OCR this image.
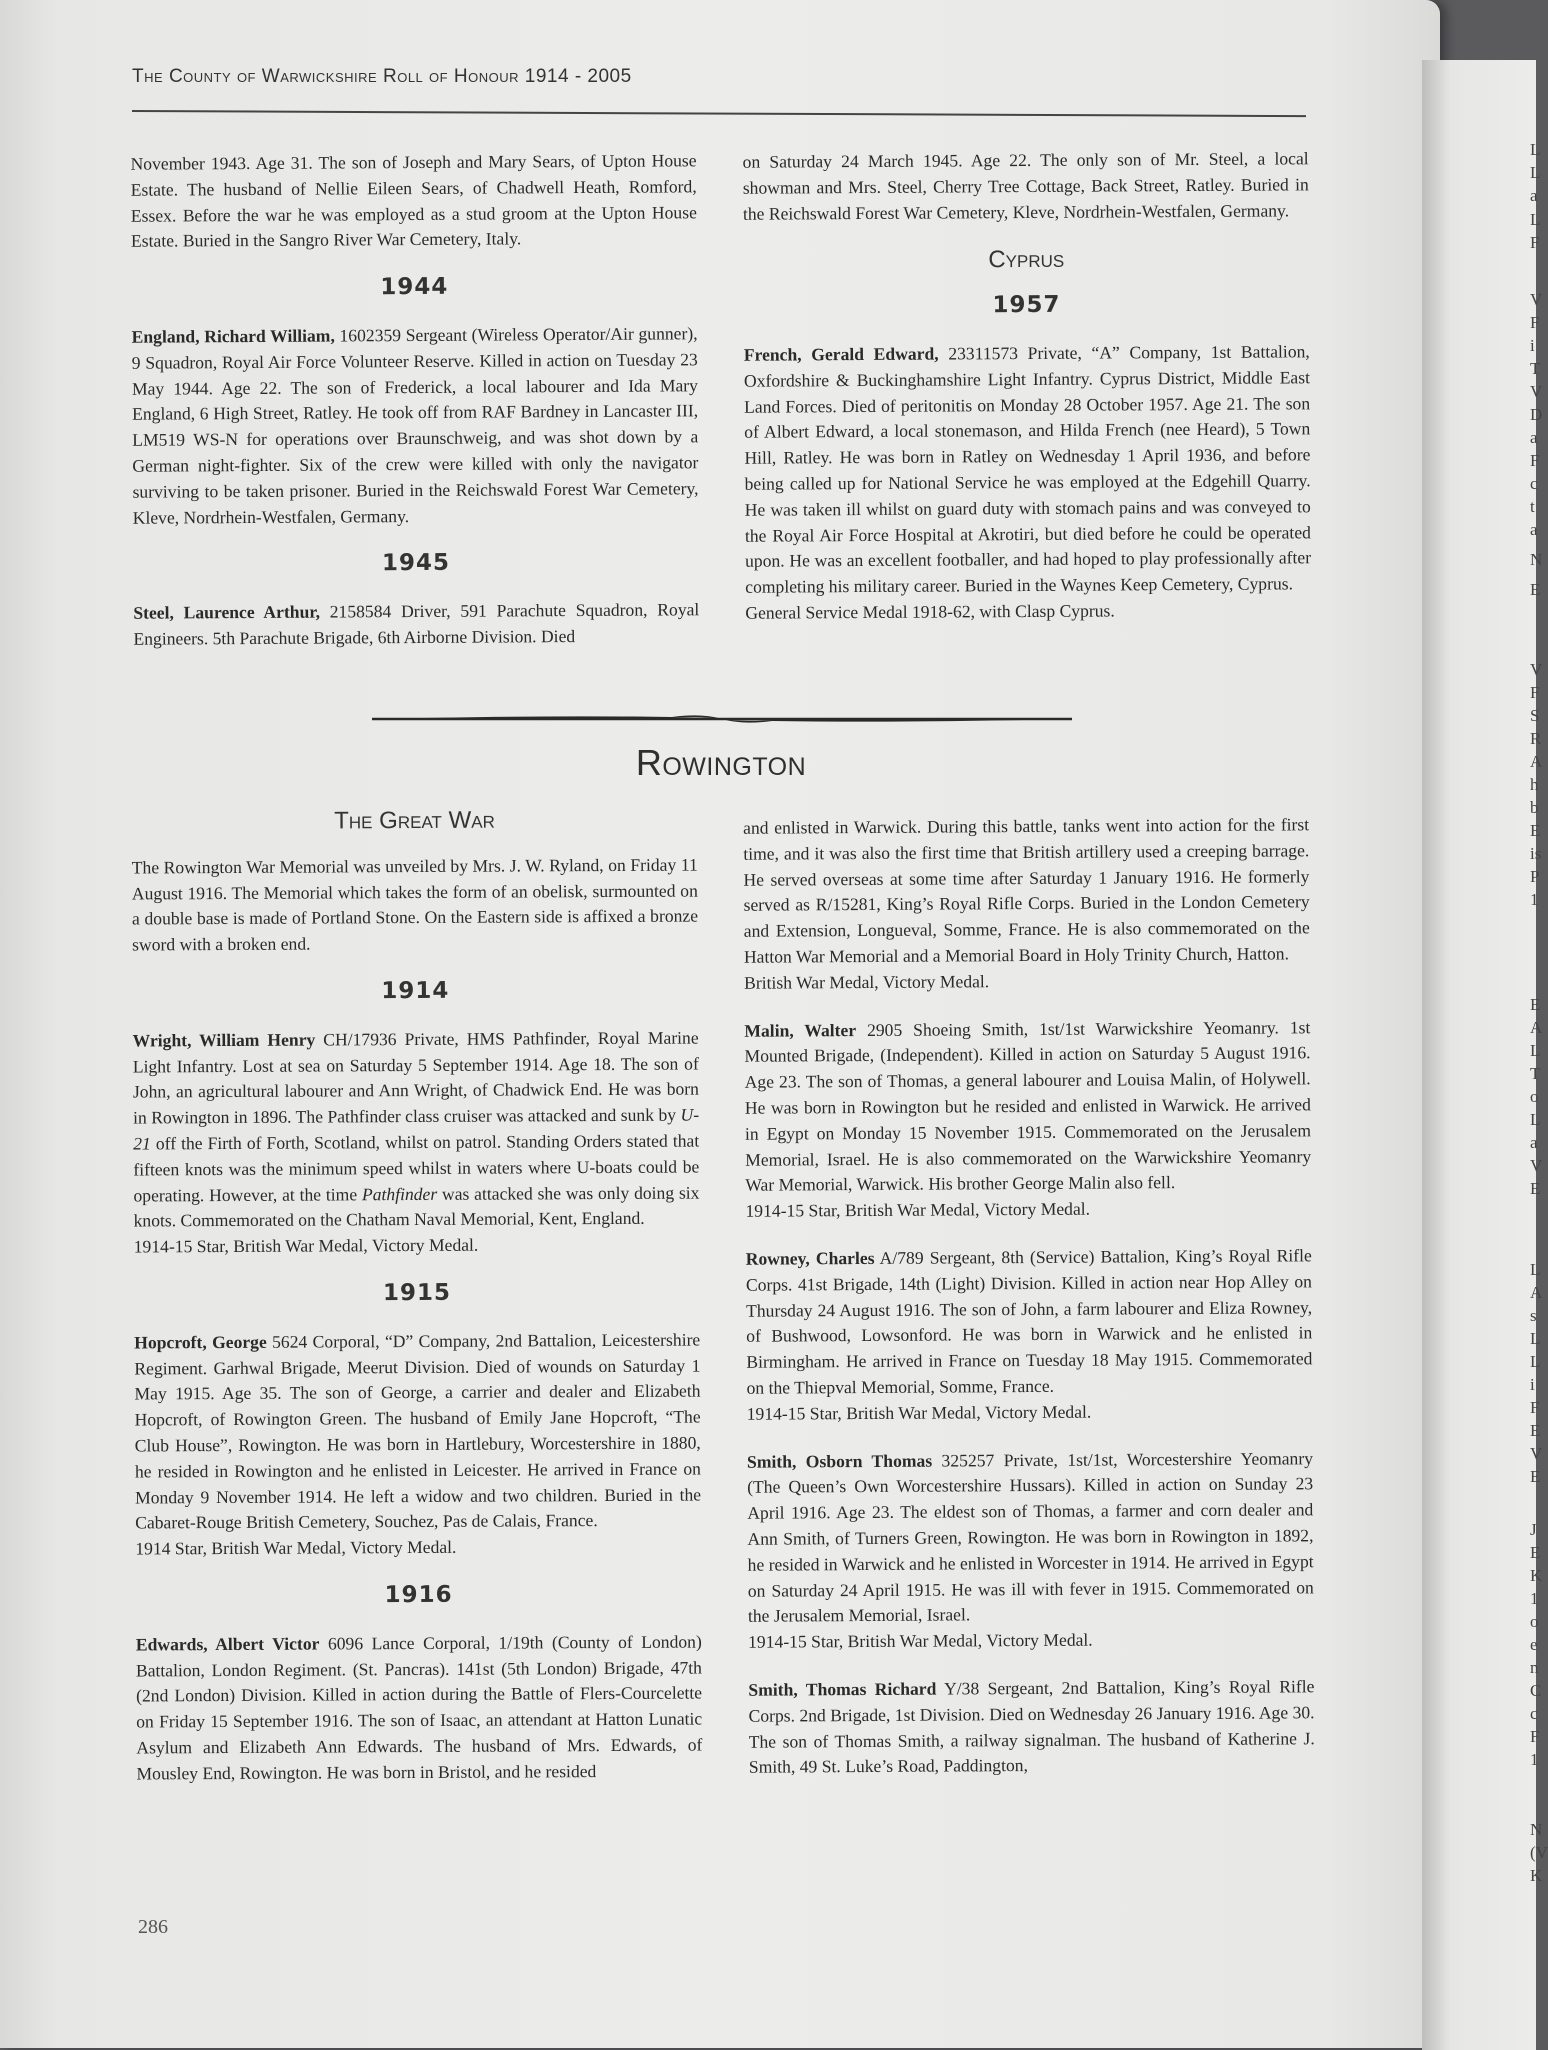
The County of Warwickshire Roll of Honour 1914 - 2005

November 1943. Age 31. The son of Joseph and Mary Sears, of Upton House Estate. The husband of Nellie Eileen Sears, of Chadwell Heath, Romford, Essex. Before the war he was employed as a stud groom at the Upton House Estate. Buried in the Sangro River War Cemetery, Italy.

1944

England, Richard William, 1602359 Sergeant (Wireless Operator/Air gunner), 9 Squadron, Royal Air Force Volunteer Reserve. Killed in action on Tuesday 23 May 1944. Age 22. The son of Frederick, a local labourer and Ida Mary England, 6 High Street, Ratley. He took off from RAF Bardney in Lancaster III, LM519 WS-N for operations over Braunschweig, and was shot down by a German night-fighter. Six of the crew were killed with only the navigator surviving to be taken prisoner. Buried in the Reichswald Forest War Cemetery, Kleve, Nordrhein-Westfalen, Germany.

1945

Steel, Laurence Arthur, 2158584 Driver, 591 Parachute Squadron, Royal Engineers. 5th Parachute Brigade, 6th Airborne Division. Died

on Saturday 24 March 1945. Age 22. The only son of Mr. Steel, a local showman and Mrs. Steel, Cherry Tree Cottage, Back Street, Ratley. Buried in the Reichswald Forest War Cemetery, Kleve, Nordrhein-Westfalen, Germany.

Cyprus
1957

French, Gerald Edward, 23311573 Private, “A” Company, 1st Battalion, Oxfordshire & Buckinghamshire Light Infantry. Cyprus District, Middle East Land Forces. Died of peritonitis on Monday 28 October 1957. Age 21. The son of Albert Edward, a local stonemason, and Hilda French (nee Heard), 5 Town Hill, Ratley. He was born in Ratley on Wednesday 1 April 1936, and before being called up for National Service he was employed at the Edgehill Quarry. He was taken ill whilst on guard duty with stomach pains and was conveyed to the Royal Air Force Hospital at Akrotiri, but died before he could be operated upon. He was an excellent footballer, and had hoped to play professionally after completing his military career. Buried in the Waynes Keep Cemetery, Cyprus.

General Service Medal 1918-62, with Clasp Cyprus.

Rowington
The Great War

The Rowington War Memorial was unveiled by Mrs. J. W. Ryland, on Friday 11 August 1916. The Memorial which takes the form of an obelisk, surmounted on a double base is made of Portland Stone. On the Eastern side is affixed a bronze sword with a broken end.

1914

Wright, William Henry CH/17936 Private, HMS Pathfinder, Royal Marine Light Infantry. Lost at sea on Saturday 5 September 1914. Age 18. The son of John, an agricultural labourer and Ann Wright, of Chadwick End. He was born in Rowington in 1896. The Pathfinder class cruiser was attacked and sunk by U-21 off the Firth of Forth, Scotland, whilst on patrol. Standing Orders stated that fifteen knots was the minimum speed whilst in waters where U-boats could be operating. However, at the time Pathfinder was attacked she was only doing six knots. Commemorated on the Chatham Naval Memorial, Kent, England.

1914-15 Star, British War Medal, Victory Medal.

1915

Hopcroft, George 5624 Corporal, “D” Company, 2nd Battalion, Leicestershire Regiment. Garhwal Brigade, Meerut Division. Died of wounds on Saturday 1 May 1915. Age 35. The son of George, a carrier and dealer and Elizabeth Hopcroft, of Rowington Green. The husband of Emily Jane Hopcroft, “The Club House”, Rowington. He was born in Hartlebury, Worcestershire in 1880, he resided in Rowington and he enlisted in Leicester. He arrived in France on Monday 9 November 1914. He left a widow and two children. Buried in the Cabaret-Rouge British Cemetery, Souchez, Pas de Calais, France.

1914 Star, British War Medal, Victory Medal.

1916

Edwards, Albert Victor 6096 Lance Corporal, 1/19th (County of London) Battalion, London Regiment. (St. Pancras). 141st (5th London) Brigade, 47th (2nd London) Division. Killed in action during the Battle of Flers-Courcelette on Friday 15 September 1916. The son of Isaac, an attendant at Hatton Lunatic Asylum and Elizabeth Ann Edwards. The husband of Mrs. Edwards, of Mousley End, Rowington. He was born in Bristol, and he resided

and enlisted in Warwick. During this battle, tanks went into action for the first time, and it was also the first time that British artillery used a creeping barrage. He served overseas at some time after Saturday 1 January 1916. He formerly served as R/15281, King’s Royal Rifle Corps. Buried in the London Cemetery and Extension, Longueval, Somme, France. He is also commemorated on the Hatton War Memorial and a Memorial Board in Holy Trinity Church, Hatton.

British War Medal, Victory Medal.

Malin, Walter 2905 Shoeing Smith, 1st/1st Warwickshire Yeomanry. 1st Mounted Brigade, (Independent). Killed in action on Saturday 5 August 1916. Age 23. The son of Thomas, a general labourer and Louisa Malin, of Holywell. He was born in Rowington but he resided and enlisted in Warwick. He arrived in Egypt on Monday 15 November 1915. Commemorated on the Jerusalem Memorial, Israel. He is also commemorated on the Warwickshire Yeomanry War Memorial, Warwick. His brother George Malin also fell.

1914-15 Star, British War Medal, Victory Medal.

Rowney, Charles A/789 Sergeant, 8th (Service) Battalion, King’s Royal Rifle Corps. 41st Brigade, 14th (Light) Division. Killed in action near Hop Alley on Thursday 24 August 1916. The son of John, a farm labourer and Eliza Rowney, of Bushwood, Lowsonford. He was born in Warwick and he enlisted in Birmingham. He arrived in France on Tuesday 18 May 1915. Commemorated on the Thiepval Memorial, Somme, France.

1914-15 Star, British War Medal, Victory Medal.

Smith, Osborn Thomas 325257 Private, 1st/1st, Worcestershire Yeomanry (The Queen’s Own Worcestershire Hussars). Killed in action on Sunday 23 April 1916. Age 23. The eldest son of Thomas, a farmer and corn dealer and Ann Smith, of Turners Green, Rowington. He was born in Rowington in 1892, he resided in Warwick and he enlisted in Worcester in 1914. He arrived in Egypt on Saturday 24 April 1915. He was ill with fever in 1915. Commemorated on the Jerusalem Memorial, Israel.

1914-15 Star, British War Medal, Victory Medal.

Smith, Thomas Richard Y/38 Sergeant, 2nd Battalion, King’s Royal Rifle Corps. 2nd Brigade, 1st Division. Died on Wednesday 26 January 1916. Age 30. The son of Thomas Smith, a railway signalman. The husband of Katherine J. Smith, 49 St. Luke’s Road, Paddington,

286
L
L
a
L
F
V
F
i
T
V
D
a
F
c
t
a
N
E
V
F
S
R
A
h
b
E
is
P
1
E
A
L
T
o
L
a
V
E
L
A
s
L
L
i
F
E
V
E
J
E
K
1
o
e
n
C
c
F
1
N
(V
K
